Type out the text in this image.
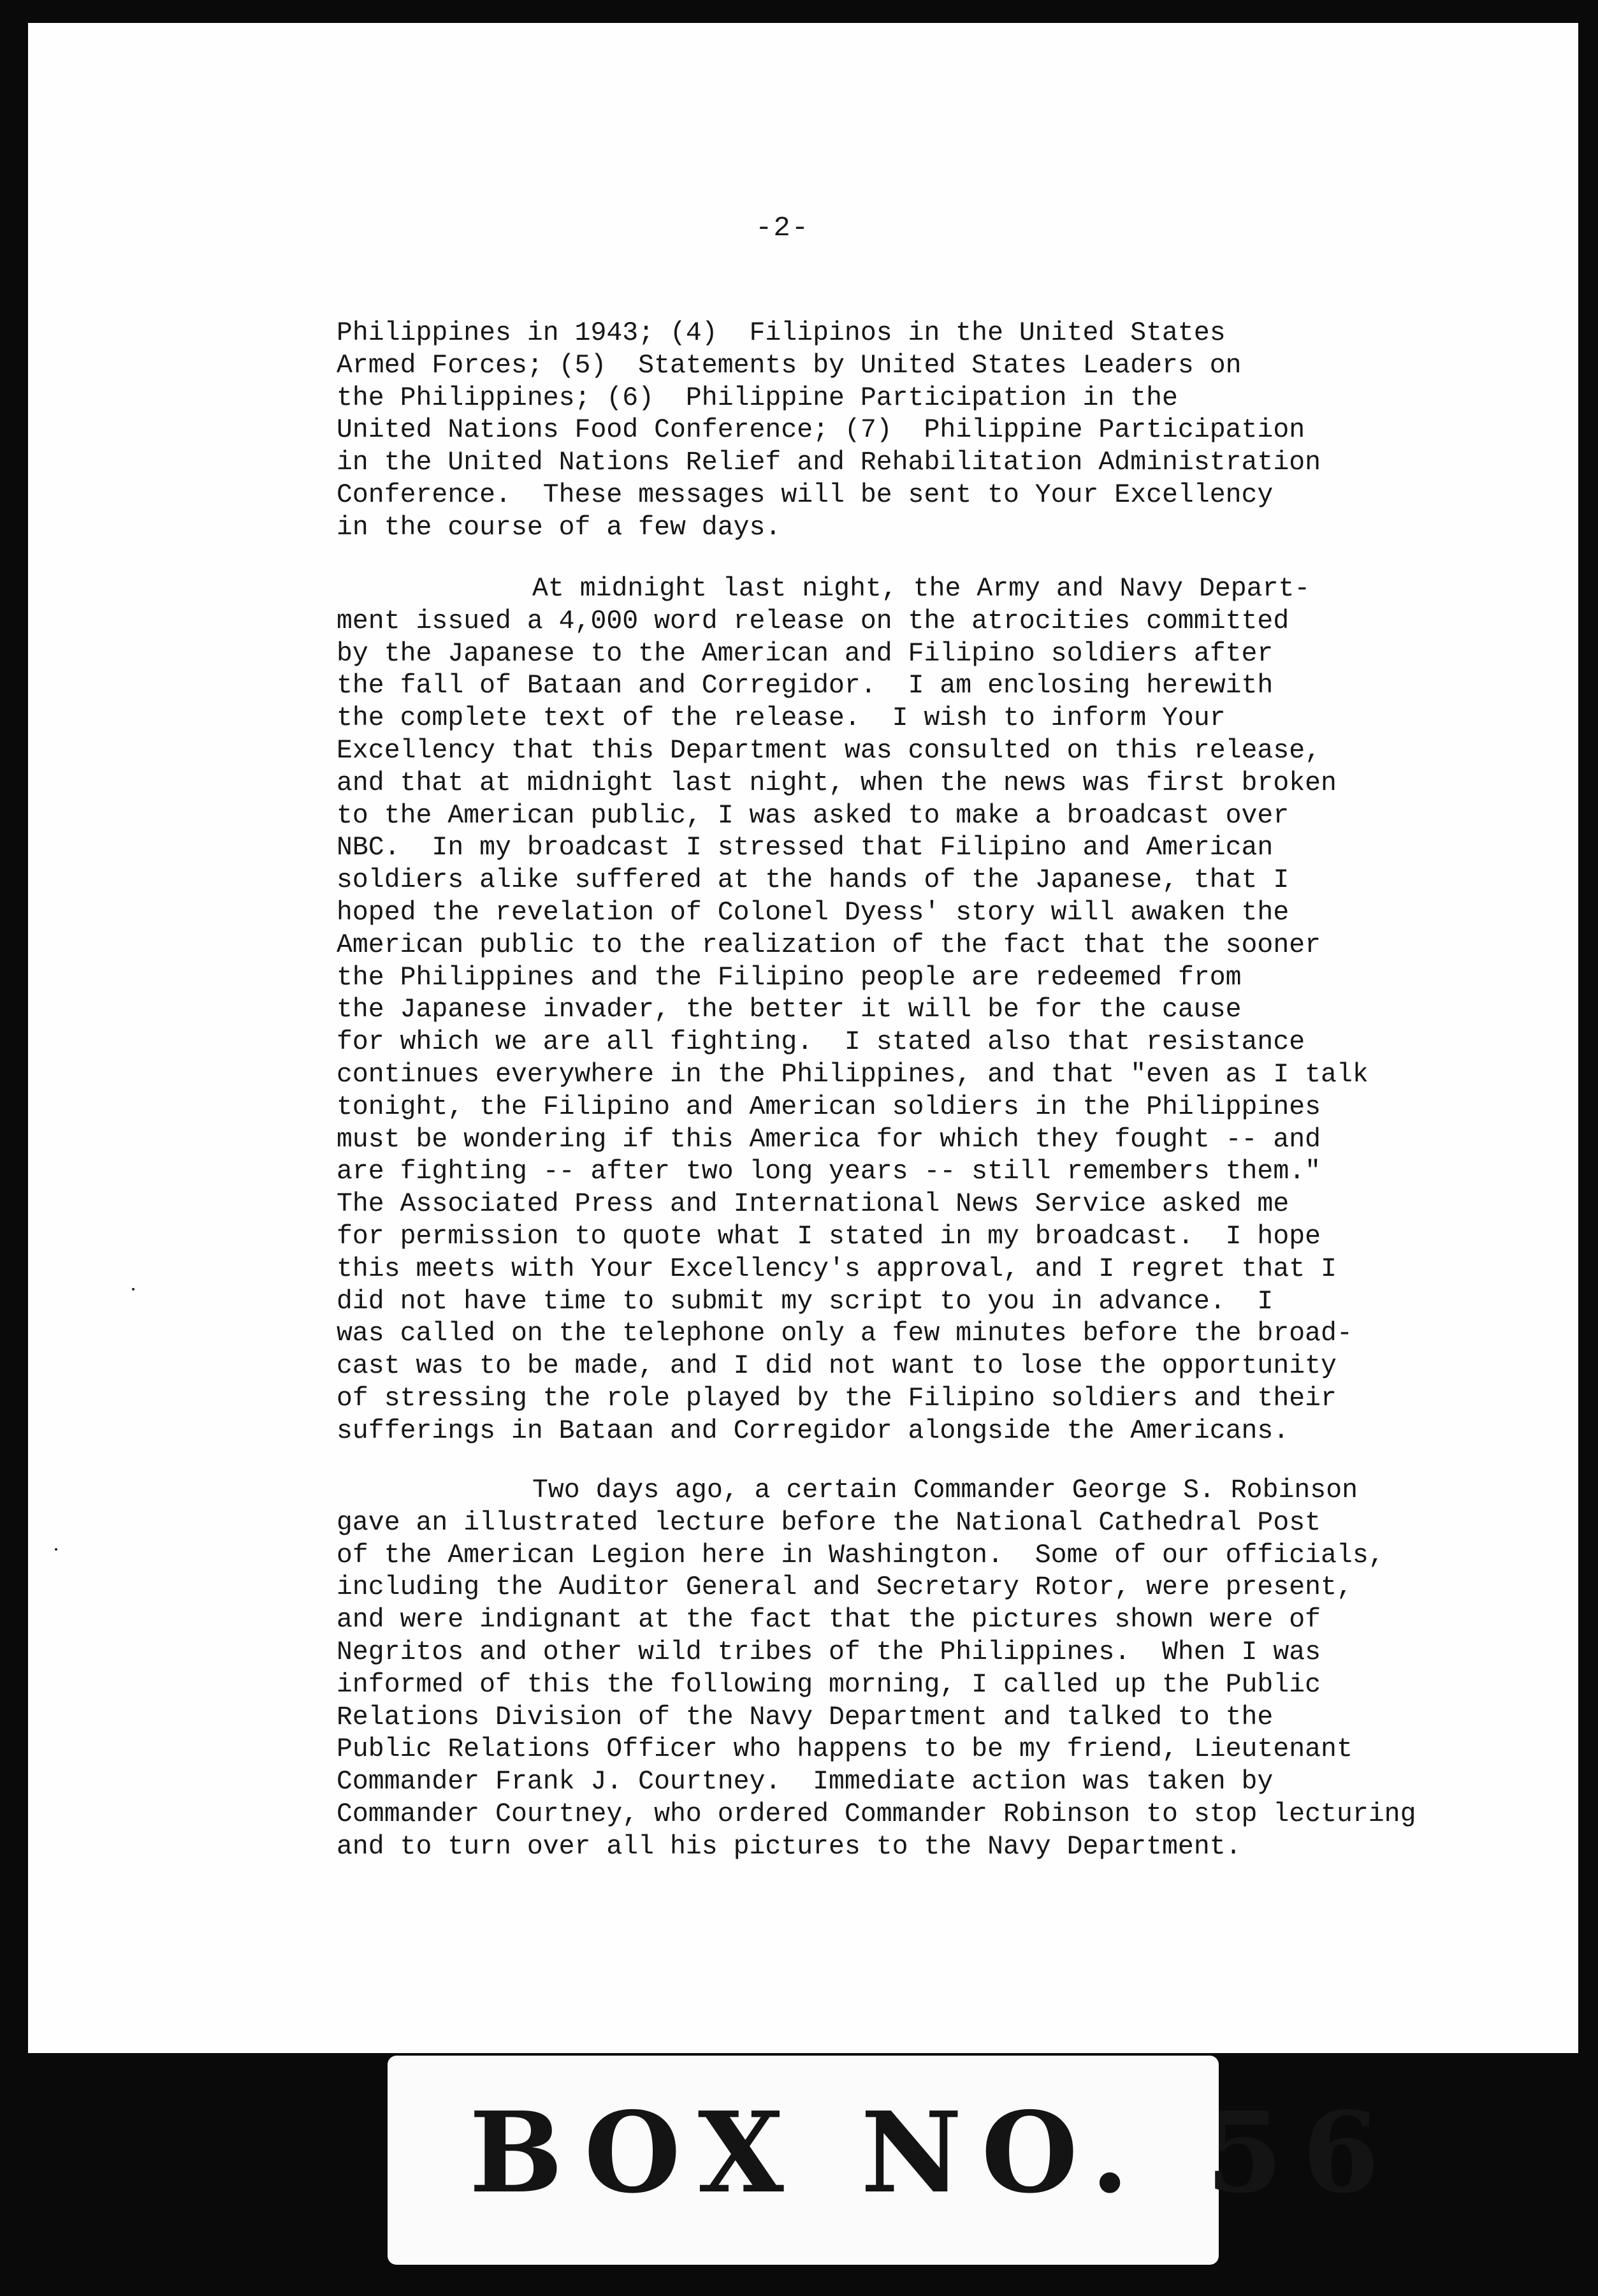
-2-
Philippines in 1943; (4)  Filipinos in the United States
Armed Forces; (5)  Statements by United States Leaders on
the Philippines; (6)  Philippine Participation in the
United Nations Food Conference; (7)  Philippine Participation
in the United Nations Relief and Rehabilitation Administration
Conference.  These messages will be sent to Your Excellency
in the course of a few days.
At midnight last night, the Army and Navy Depart-
ment issued a 4,000 word release on the atrocities committed
by the Japanese to the American and Filipino soldiers after
the fall of Bataan and Corregidor.  I am enclosing herewith
the complete text of the release.  I wish to inform Your
Excellency that this Department was consulted on this release,
and that at midnight last night, when the news was first broken
to the American public, I was asked to make a broadcast over
NBC.  In my broadcast I stressed that Filipino and American
soldiers alike suffered at the hands of the Japanese, that I
hoped the revelation of Colonel Dyess' story will awaken the
American public to the realization of the fact that the sooner
the Philippines and the Filipino people are redeemed from
the Japanese invader, the better it will be for the cause
for which we are all fighting.  I stated also that resistance
continues everywhere in the Philippines, and that "even as I talk
tonight, the Filipino and American soldiers in the Philippines
must be wondering if this America for which they fought -- and
are fighting -- after two long years -- still remembers them."
The Associated Press and International News Service asked me
for permission to quote what I stated in my broadcast.  I hope
this meets with Your Excellency's approval, and I regret that I
did not have time to submit my script to you in advance.  I
was called on the telephone only a few minutes before the broad-
cast was to be made, and I did not want to lose the opportunity
of stressing the role played by the Filipino soldiers and their
sufferings in Bataan and Corregidor alongside the Americans.
Two days ago, a certain Commander George S. Robinson
gave an illustrated lecture before the National Cathedral Post
of the American Legion here in Washington.  Some of our officials,
including the Auditor General and Secretary Rotor, were present,
and were indignant at the fact that the pictures shown were of
Negritos and other wild tribes of the Philippines.  When I was
informed of this the following morning, I called up the Public
Relations Division of the Navy Department and talked to the
Public Relations Officer who happens to be my friend, Lieutenant
Commander Frank J. Courtney.  Immediate action was taken by
Commander Courtney, who ordered Commander Robinson to stop lecturing
and to turn over all his pictures to the Navy Department.
BOX NO. 56
